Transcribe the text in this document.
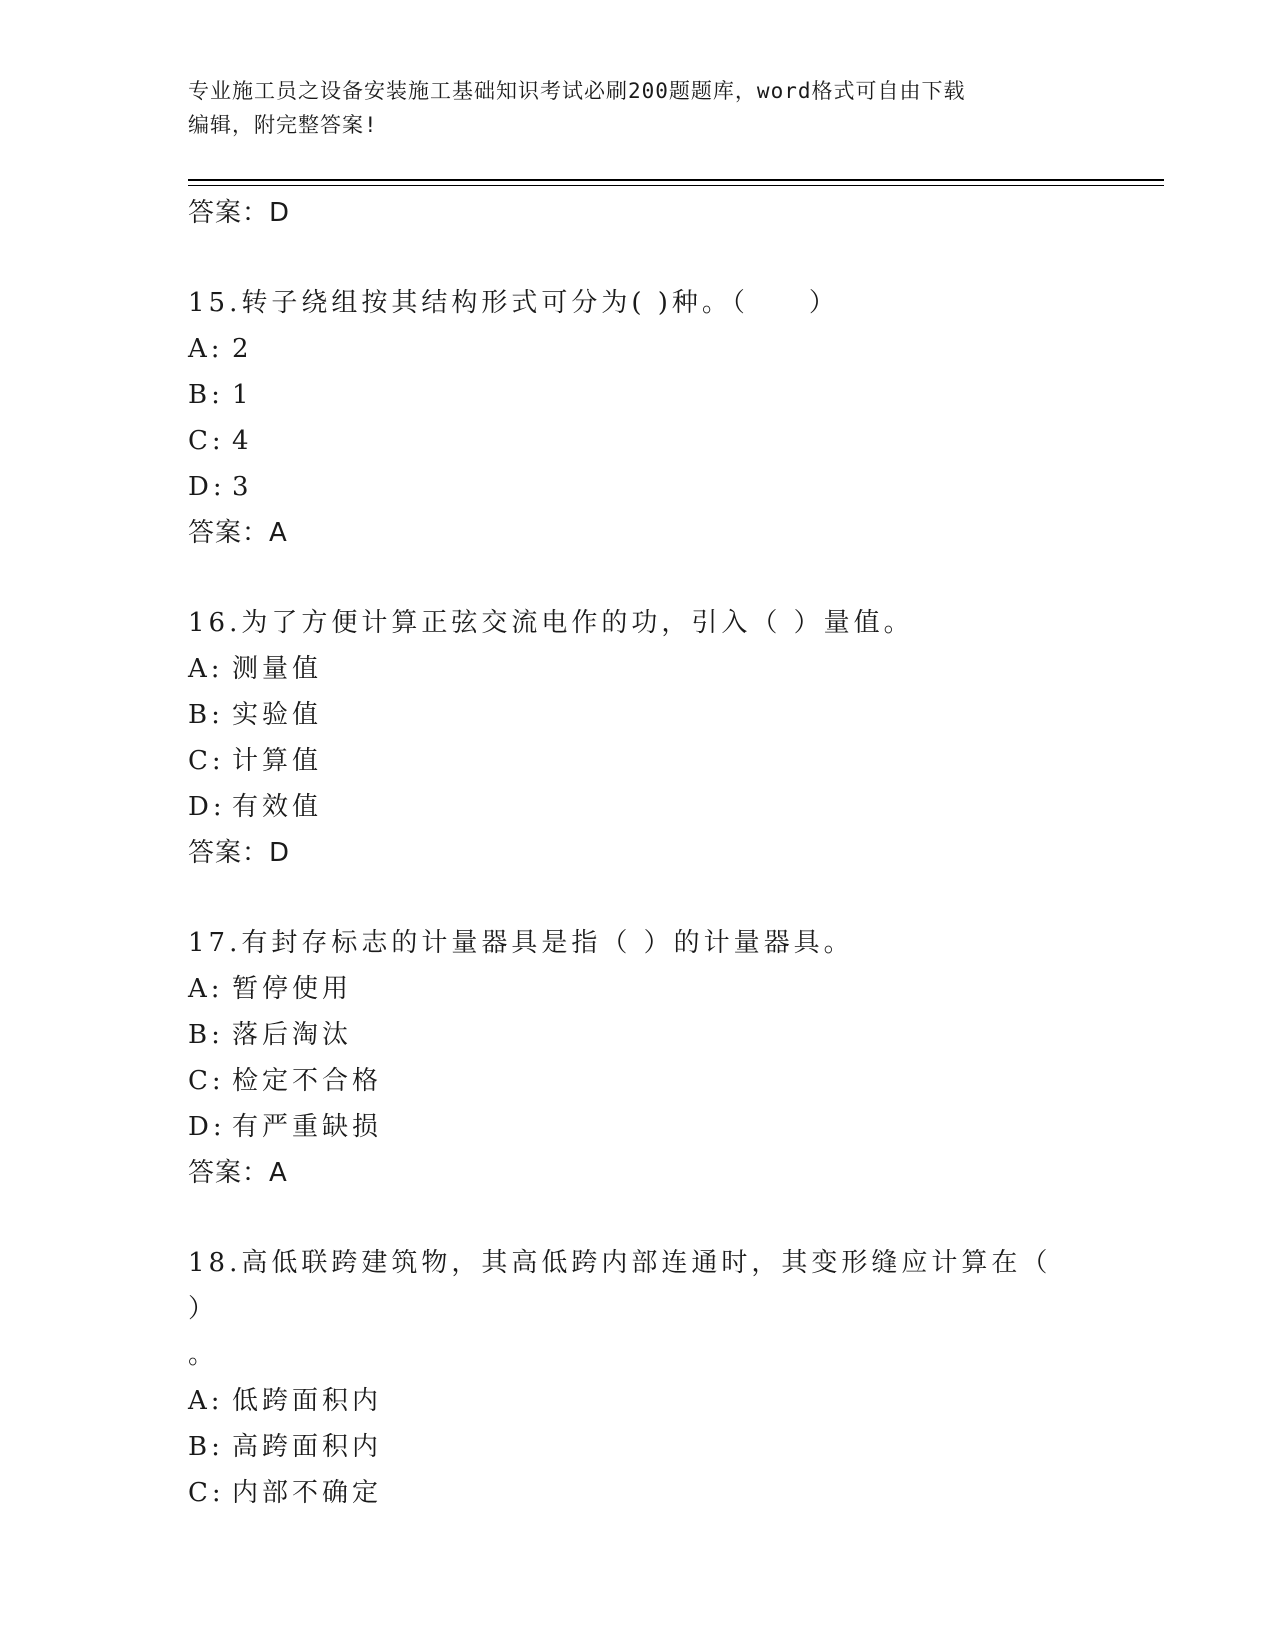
专业施工员之设备安装施工基础知识考试必刷200题题库，word格式可自由下载
编辑，附完整答案!
答案：D
15.转子绕组按其结构形式可分为( )种。（　　）
A: 2
B: 1
C: 4
D: 3
答案：A
16.为了方便计算正弦交流电作的功，引入（ ）量值。
A: 测量值
B: 实验值
C: 计算值
D: 有效值
答案：D
17.有封存标志的计量器具是指（ ）的计量器具。
A: 暂停使用
B: 落后淘汰
C: 检定不合格
D: 有严重缺损
答案：A
18.高低联跨建筑物，其高低跨内部连通时，其变形缝应计算在（ ）
。
A: 低跨面积内
B: 高跨面积内
C: 内部不确定
